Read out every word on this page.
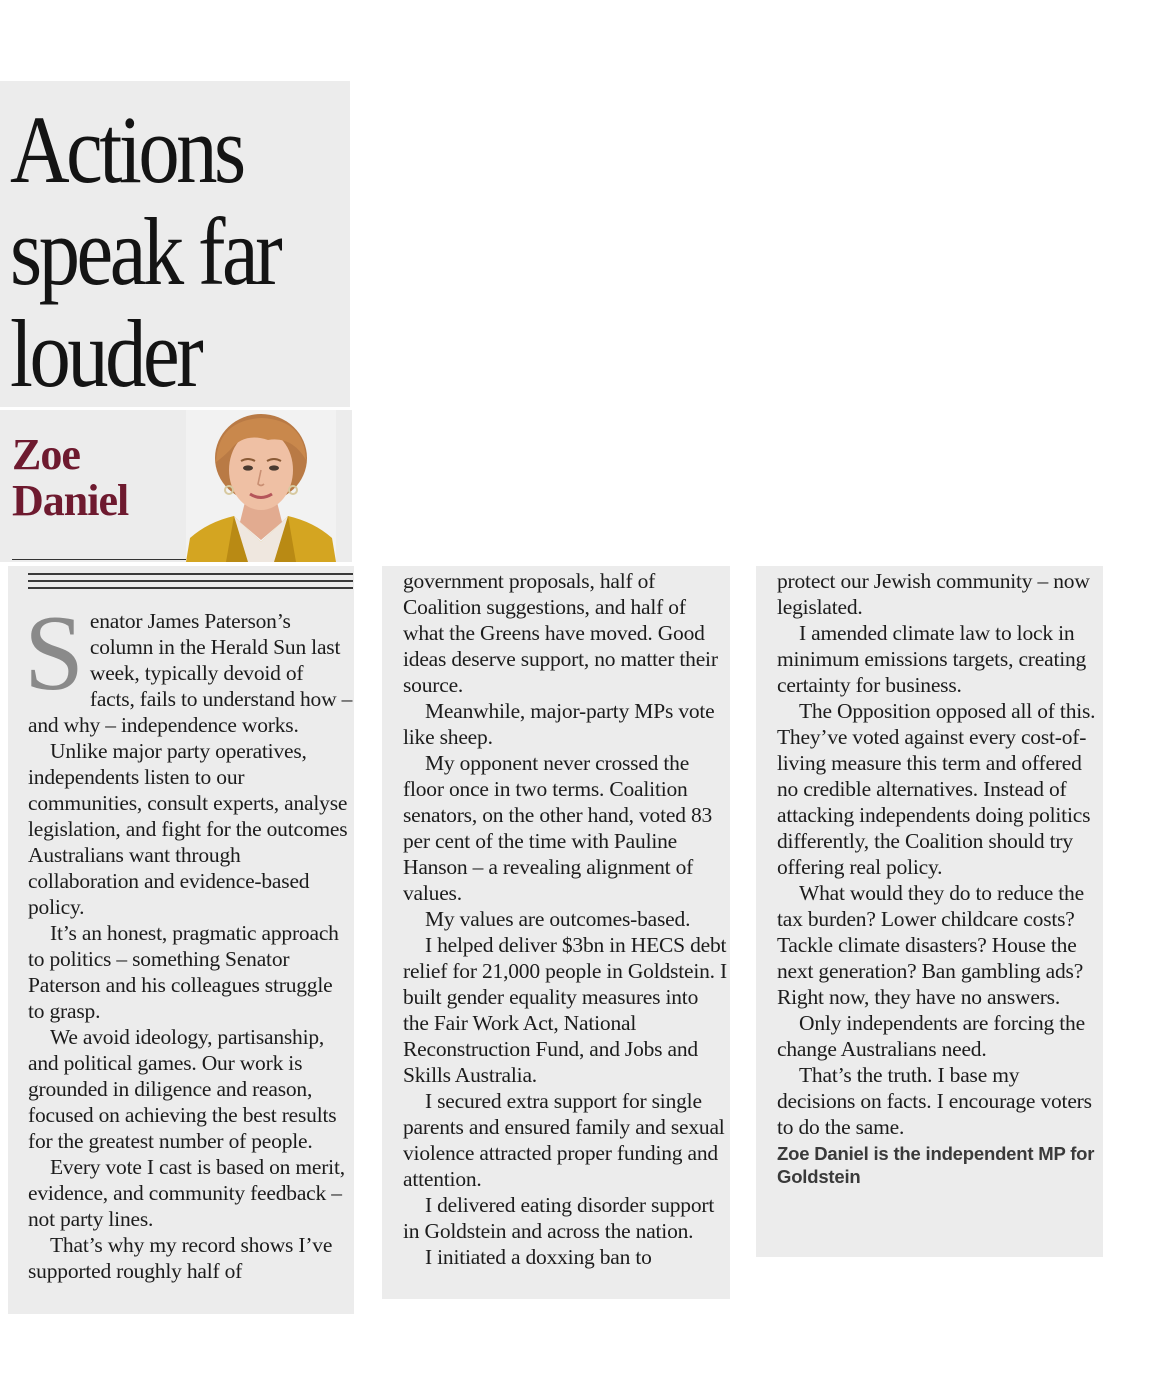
Actions
speak far
louder
Zoe
Daniel

Senator James Paterson’s column in the Herald Sun last week, typically devoid of facts, fails to understand how – and why – independence works.

Unlike major party operatives, independents listen to our communities, consult experts, analyse legislation, and fight for the outcomes Australians want through collaboration and evidence-based policy.

It’s an honest, pragmatic approach to politics – something Senator Paterson and his colleagues struggle to grasp.

We avoid ideology, partisanship, and political games. Our work is grounded in diligence and reason, focused on achieving the best results for the greatest number of people.

Every vote I cast is based on merit, evidence, and community feedback – not party lines.

That’s why my record shows I’ve supported roughly half of

government proposals, half of Coalition suggestions, and half of what the Greens have moved. Good ideas deserve support, no matter their source.

Meanwhile, major-party MPs vote like sheep.

My opponent never crossed the floor once in two terms. Coalition senators, on the other hand, voted 83 per cent of the time with Pauline Hanson – a revealing alignment of values.

My values are outcomes-based.

I helped deliver $3bn in HECS debt relief for 21,000 people in Goldstein. I built gender equality measures into the Fair Work Act, National Reconstruction Fund, and Jobs and Skills Australia.

I secured extra support for single parents and ensured family and sexual violence attracted proper funding and attention.

I delivered eating disorder support in Goldstein and across the nation.

I initiated a doxxing ban to

protect our Jewish community – now legislated.

I amended climate law to lock in minimum emissions targets, creating certainty for business.

The Opposition opposed all of this. They’ve voted against every cost-of-living measure this term and offered no credible alternatives. Instead of attacking independents doing politics differently, the Coalition should try offering real policy.

What would they do to reduce the tax burden? Lower childcare costs? Tackle climate disasters? House the next generation? Ban gambling ads? Right now, they have no answers.

Only independents are forcing the change Australians need.

That’s the truth. I base my decisions on facts. I encourage voters to do the same.

Zoe Daniel is the independent MP for Goldstein
